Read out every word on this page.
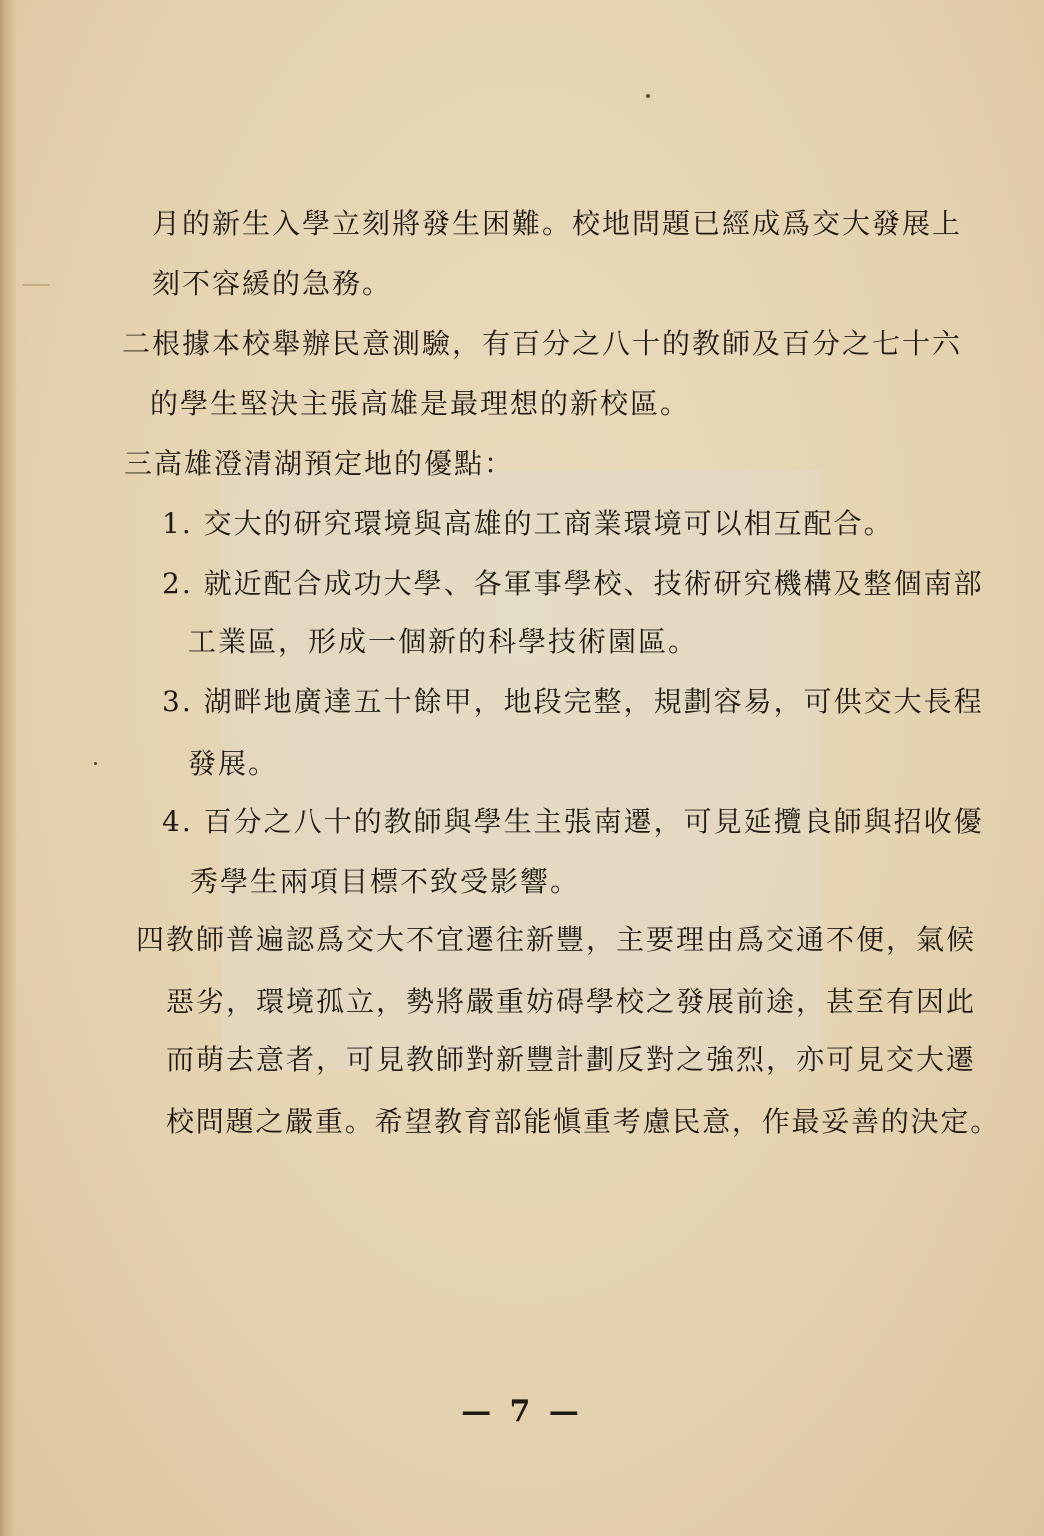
月的新生入學立刻將發生困難。校地問題已經成爲交大發展上
刻不容緩的急務。
二根據本校舉辦民意測驗，有百分之八十的教師及百分之七十六
的學生堅決主張高雄是最理想的新校區。
三高雄澄清湖預定地的優點：
1. 交大的研究環境與高雄的工商業環境可以相互配合。
2. 就近配合成功大學、各軍事學校、技術研究機構及整個南部
工業區，形成一個新的科學技術園區。
3. 湖畔地廣達五十餘甲，地段完整，規劃容易，可供交大長程
發展。
4. 百分之八十的教師與學生主張南遷，可見延攬良師與招收優
秀學生兩項目標不致受影響。
四教師普遍認爲交大不宜遷往新豐，主要理由爲交通不便，氣候
惡劣，環境孤立，勢將嚴重妨碍學校之發展前途，甚至有因此
而萌去意者，可見教師對新豐計劃反對之強烈，亦可見交大遷
校問題之嚴重。希望教育部能愼重考慮民意，作最妥善的決定。
— 7 —
